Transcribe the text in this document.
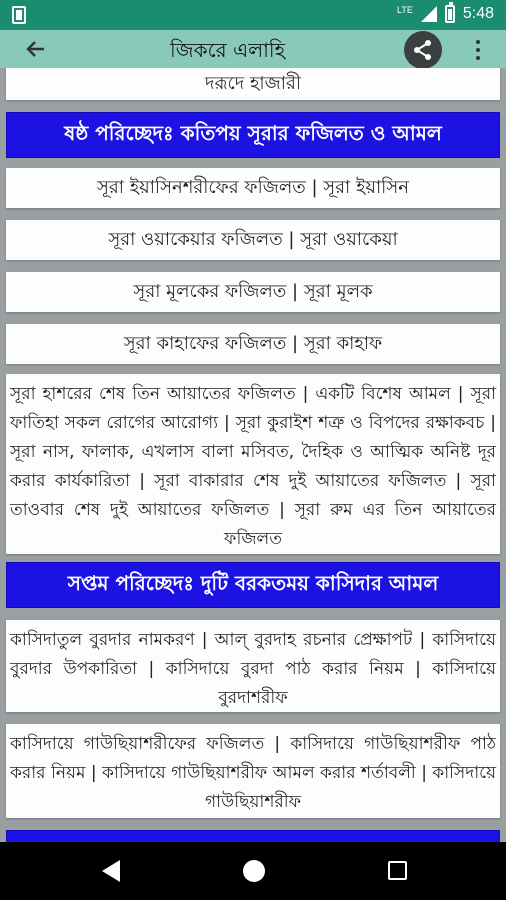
LTE	5:48
জিকরে এলাহি
দরূদে হাজারী
ষষ্ঠ পরিচ্ছেদঃ কতিপয় সূরার ফজিলত ও আমল
সূরা ইয়াসিনশরীফের ফজিলত | সূরা ইয়াসিন
সূরা ওয়াকেয়ার ফজিলত | সূরা ওয়াকেয়া
সূরা মূলকের ফজিলত | সূরা মূলক
সূরা কাহাফের ফজিলত | সূরা কাহাফ
সূরা হাশরের শেষ তিন আয়াতের ফজিলত | একটি বিশেষ আমল | সূরা ফাতিহা সকল রোগের আরোগ্য | সূরা কুরাইশ শত্রু ও বিপদের রক্ষাকবচ | সূরা নাস, ফালাক, এখলাস বালা মসিবত, দৈহিক ও আত্মিক অনিষ্ট দূর করার কার্যকারিতা | সূরা বাকারার শেষ দুই আয়াতের ফজিলত | সূরা তাওবার শেষ দুই আয়াতের ফজিলত | সূরা রুম এর তিন আয়াতের ফজিলত
সপ্তম পরিচ্ছেদঃ দুটি বরকতময় কাসিদার আমল
কাসিদাতুল বুরদার নামকরণ | আল্ বুরদাহ রচনার প্রেক্ষাপট | কাসিদায়ে বুরদার উপকারিতা | কাসিদায়ে বুরদা পাঠ করার নিয়ম | কাসিদায়ে বুরদাশরীফ
কাসিদায়ে গাউছিয়াশরীফের ফজিলত | কাসিদায়ে গাউছিয়াশরীফ পাঠ করার নিয়ম | কাসিদায়ে গাউছিয়াশরীফ আমল করার শর্তাবলী | কাসিদায়ে গাউছিয়াশরীফ
